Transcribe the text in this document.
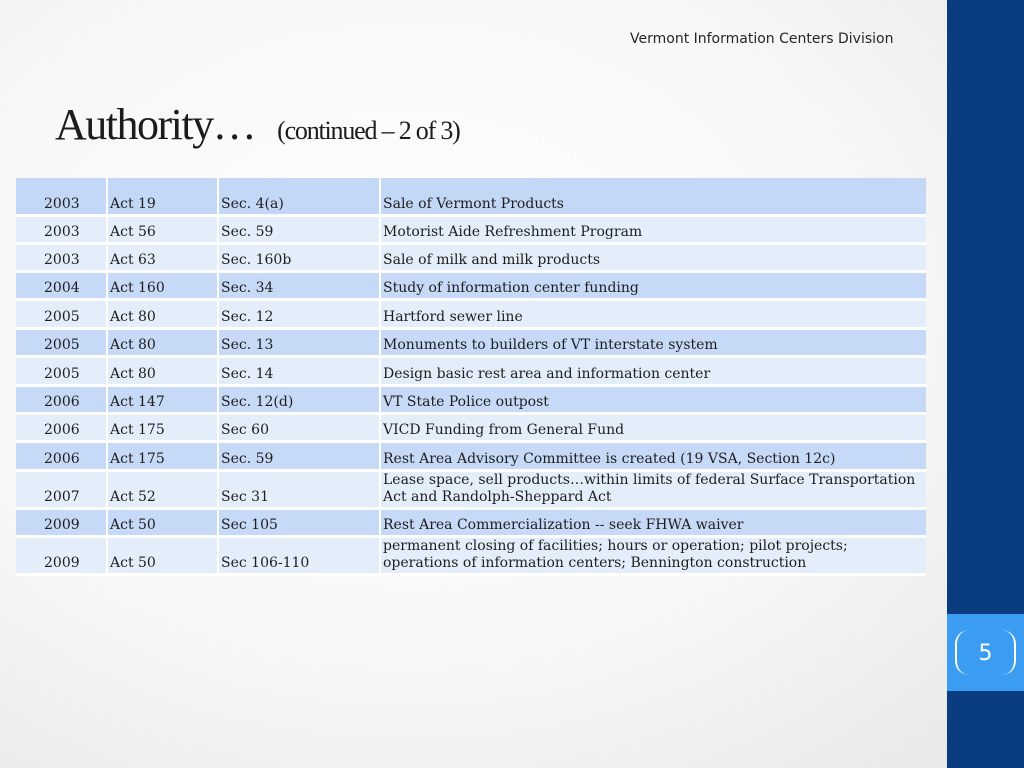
5
Vermont Information Centers Division
Authority… (continued – 2 of 3)
2003	Act 19	Sec. 4(a)	Sale of Vermont Products
2003	Act 56	Sec. 59	Motorist Aide Refreshment Program
2003	Act 63	Sec. 160b	Sale of milk and milk products
2004	Act 160	Sec. 34	Study of information center funding
2005	Act 80	Sec. 12	Hartford sewer line
2005	Act 80	Sec. 13	Monuments to builders of VT interstate system
2005	Act 80	Sec. 14	Design basic rest area and information center
2006	Act 147	Sec. 12(d)	VT State Police outpost
2006	Act 175	Sec 60	VICD Funding from General Fund
2006	Act 175	Sec. 59	Rest Area Advisory Committee is created (19 VSA, Section 12c)
2007	Act 52	Sec 31	Lease space, sell products…within limits of federal Surface Transportation Act and Randolph-Sheppard Act
2009	Act 50	Sec 105	Rest Area Commercialization -- seek FHWA waiver
2009	Act 50	Sec 106-110	permanent closing of facilities; hours or operation; pilot projects; operations of information centers; Bennington construction
